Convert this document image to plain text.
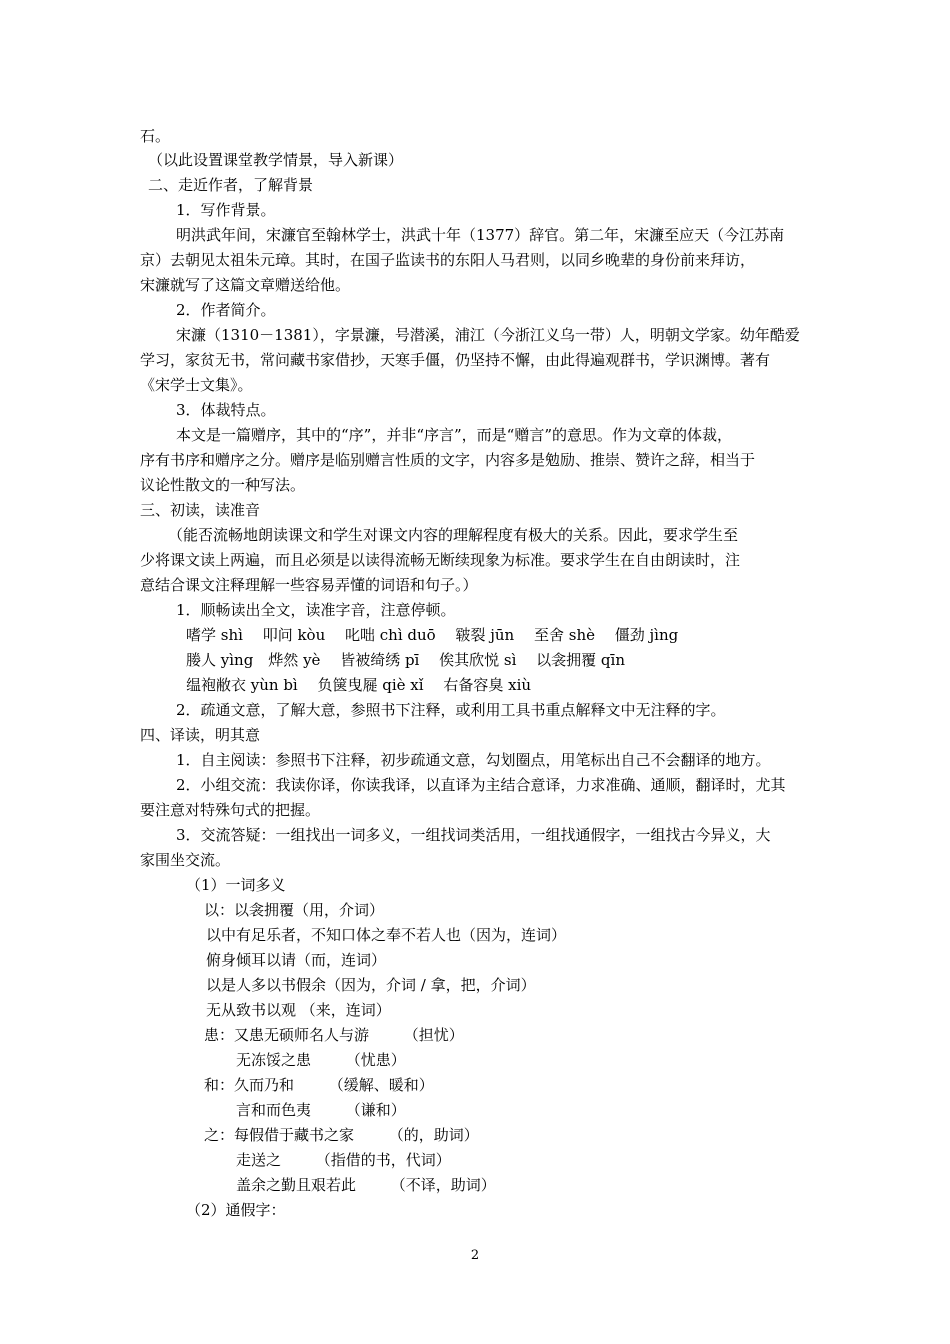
石。
（以此设置课堂教学情景，导入新课）
二、走近作者，了解背景
1．写作背景。
明洪武年间，宋濂官至翰林学士，洪武十年（1377）辞官。第二年，宋濂至应天（今江苏南
京）去朝见太祖朱元璋。其时，在国子监读书的东阳人马君则，以同乡晚辈的身份前来拜访，
宋濂就写了这篇文章赠送给他。
2．作者简介。
宋濂（1310－1381），字景濂，号潜溪，浦江（今浙江义乌一带）人，明朝文学家。幼年酷爱
学习，家贫无书，常问藏书家借抄，天寒手僵，仍坚持不懈，由此得遍观群书，学识渊博。著有
《宋学士文集》。
3．体裁特点。
本文是一篇赠序，其中的“序”，并非“序言”，而是“赠言”的意思。作为文章的体裁，
序有书序和赠序之分。赠序是临别赠言性质的文字，内容多是勉励、推崇、赞许之辞，相当于
议论性散文的一种写法。
三、初读，读准音
（能否流畅地朗读课文和学生对课文内容的理解程度有极大的关系。因此，要求学生至
少将课文读上两遍，而且必须是以读得流畅无断续现象为标准。要求学生在自由朗读时，注
意结合课文注释理解一些容易弄懂的词语和句子。）
1．顺畅读出全文，读准字音，注意停顿。
嗜学 shì　 叩问 kòu　 叱咄 chì duō　 皲裂 jūn　 至舍 shè　 僵劲 jìng
媵人 yìng　烨然 yè　 皆被绮绣 pī　 俟其欣悦 sì　 以衾拥覆 qīn
缊袍敝衣 yùn bì　 负箧曳屣 qiè xǐ　 右备容臭 xiù
2．疏通文意，了解大意，参照书下注释，或利用工具书重点解释文中无注释的字。
四、译读，明其意
1．自主阅读：参照书下注释，初步疏通文意，勾划圈点，用笔标出自己不会翻译的地方。
2．小组交流：我读你译，你读我译，以直译为主结合意译，力求准确、通顺，翻译时，尤其
要注意对特殊句式的把握。
3．交流答疑：一组找出一词多义，一组找词类活用，一组找通假字，一组找古今异义，大
家围坐交流。
（1）一词多义
以：以衾拥覆（用，介词）
以中有足乐者，不知口体之奉不若人也（因为，连词）
俯身倾耳以请（而，连词）
以是人多以书假余（因为，介词 / 拿，把，介词）
无从致书以观 （来，连词）
患：又患无硕师名人与游　　 （担忧）
无冻馁之患　　 （忧患）
和：久而乃和　　 （缓解、暖和）
言和而色夷　　 （谦和）
之：每假借于藏书之家　　 （的，助词）
走送之　　 （指借的书，代词）
盖余之勤且艰若此　　 （不译，助词）
（2）通假字：
2
